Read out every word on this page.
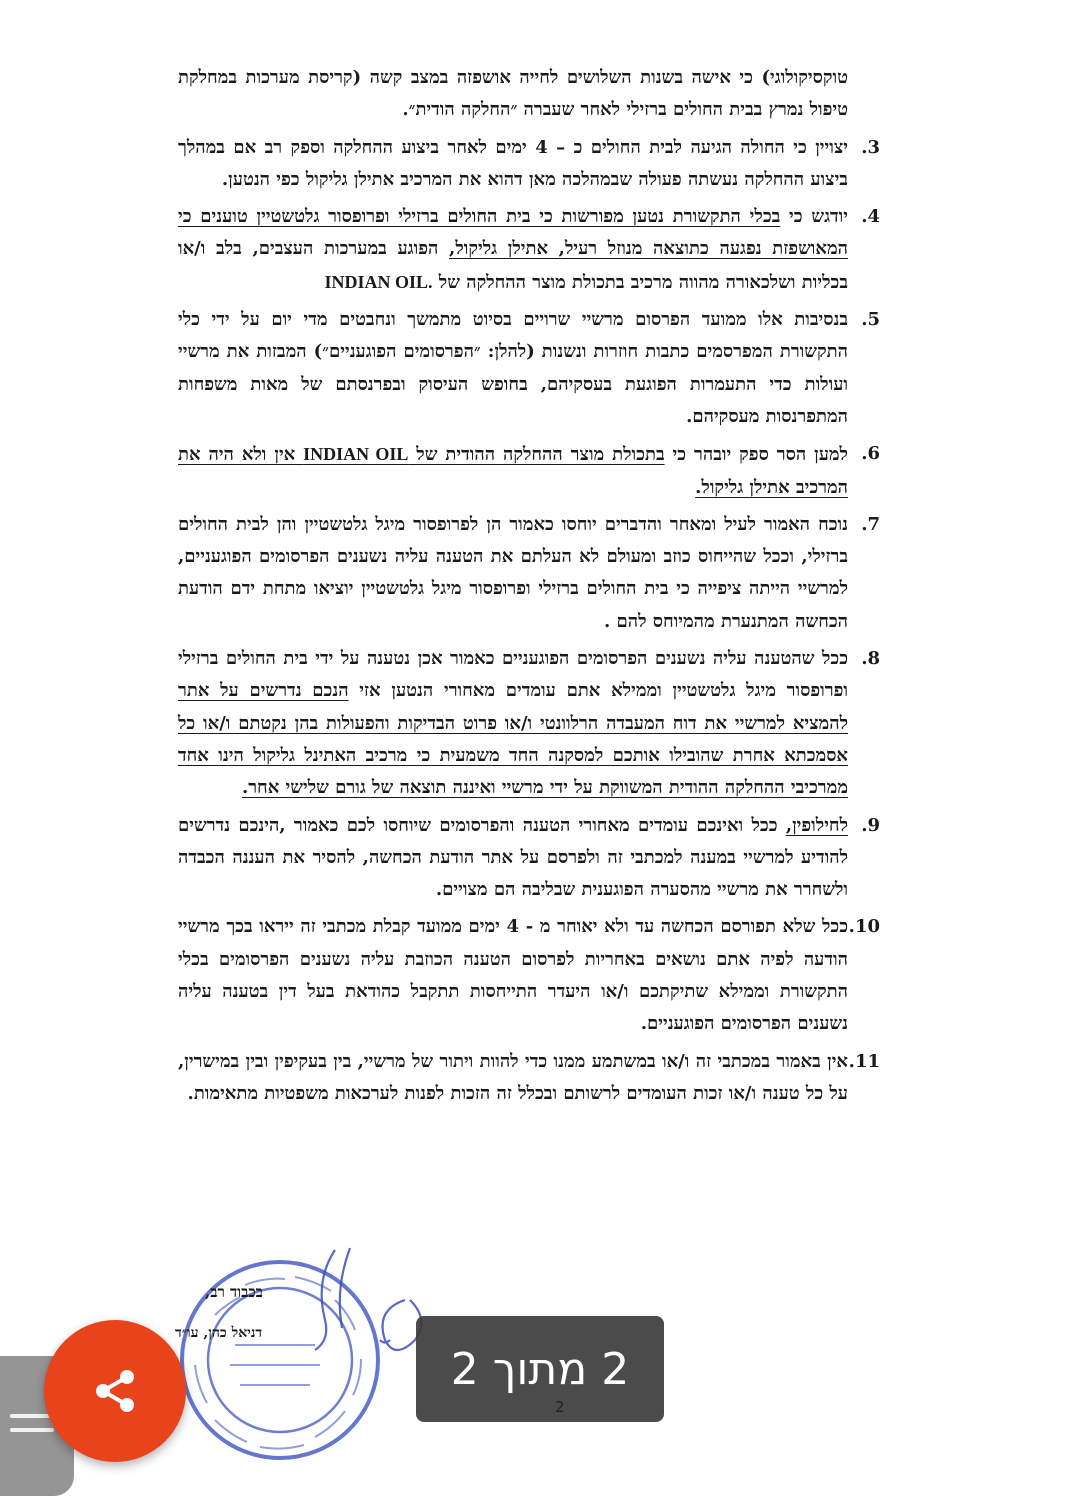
טוקסיקולוגי) כי אישה בשנות השלושים לחייה אושפזה במצב קשה (קריסת מערכות במחלקת טיפול נמרץ בבית החולים ברזילי לאחר שעברה ״החלקה הודית״.
3.
יצויין כי החולה הגיעה לבית החולים כ – 4 ימים לאחר ביצוע ההחלקה וספק רב אם במהלך ביצוע ההחלקה נעשתה פעולה שבמהלכה מאן דהוא את המרכיב אתילן גליקול כפי הנטען.
4.
יודגש כי בכלי התקשורת נטען מפורשות כי בית החולים ברזילי ופרופסור גלטשטיין טוענים כי המאושפזת נפגעה כתוצאה מנוזל רעיל, אתילן גליקול, הפוגע במערכות העצבים, בלב ו/או בכליות ושלכאורה מהווה מרכיב בתכולת מוצר ההחלקה של .INDIAN OIL
5.
בנסיבות אלו ממועד הפרסום מרשיי שרויים בסיוט מתמשך ונחבטים מדי יום על ידי כלי התקשורת המפרסמים כתבות חוזרות ונשנות (להלן: ״הפרסומים הפוגעניים״) המבזות את מרשיי ועולות כדי התעמרות הפוגעת בעסקיהם, בחופש העיסוק ובפרנסתם של מאות משפחות המתפרנסות מעסקיהם.
6.
למען הסר ספק יובהר כי בתכולת מוצר ההחלקה ההודית של INDIAN OIL אין ולא היה את המרכיב אתילן גליקול.
7.
נוכח האמור לעיל ומאחר והדברים יוחסו כאמור הן לפרופסור מיגל גלטשטיין והן לבית החולים ברזילי, וככל שהייחוס כוזב ומעולם לא העלתם את הטענה עליה נשענים הפרסומים הפוגעניים, למרשיי הייתה ציפייה כי בית החולים ברזילי ופרופסור מיגל גלטשטיין יוציאו מתחת ידם הודעת הכחשה המתנערת מהמיוחס להם .
8.
ככל שהטענה עליה נשענים הפרסומים הפוגעניים כאמור אכן נטענה על ידי בית החולים ברזילי ופרופסור מיגל גלטשטיין וממילא אתם עומדים מאחורי הנטען אזי הנכם נדרשים על אתר להמציא למרשיי את דוח המעבדה הרלוונטי ו/או פרוט הבדיקות והפעולות בהן נקטתם ו/או כל אסמכתא אחרת שהובילו אותכם למסקנה החד משמעית כי מרכיב האתינל גליקול הינו אחד ממרכיבי ההחלקה ההודית המשווקת על ידי מרשיי ואיננה תוצאה של גורם שלישי אחר.
9.
לחילופין, ככל ואינכם עומדים מאחורי הטענה והפרסומים שיוחסו לכם כאמור ,הינכם נדרשים להודיע למרשיי במענה למכתבי זה ולפרסם על אתר הודעת הכחשה, להסיר את העננה הכבדה ולשחרר את מרשיי מהסערה הפוגענית שבליבה הם מצויים.
10.
ככל שלא תפורסם הכחשה עד ולא יאוחר מ - 4 ימים ממועד קבלת מכתבי זה ייראו בכך מרשיי הודעה לפיה אתם נושאים באחריות לפרסום הטענה הכוזבת עליה נשענים הפרסומים בכלי התקשורת וממילא שתיקתכם ו/או היעדר התייחסות תתקבל כהודאת בעל דין בטענה עליה נשענים הפרסומים הפוגעניים.
11.
אין באמור במכתבי זה ו/או במשתמע ממנו כדי להוות ויתור של מרשיי, בין בעקיפין ובין במישרין, על כל טענה ו/או זכות העומדים לרשותם ובכלל זה הזכות לפנות לערכאות משפטיות מתאימות.
בכבוד רב,
דניאל כהן, עו״ד
2 מתוך 2
2
